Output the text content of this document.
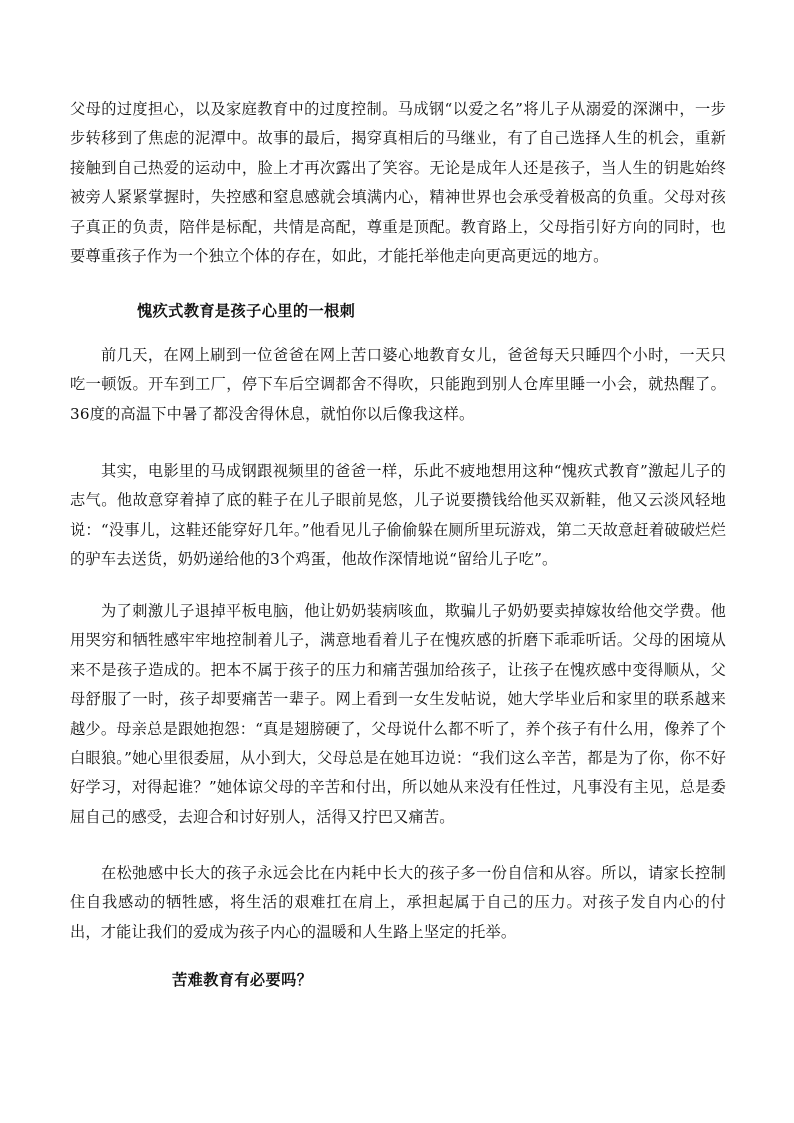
父母的过度担心，以及家庭教育中的过度控制。马成钢“以爱之名”将儿子从溺爱的深渊中，一步步转移到了焦虑的泥潭中。故事的最后，揭穿真相后的马继业，有了自己选择人生的机会，重新接触到自己热爱的运动中，脸上才再次露出了笑容。无论是成年人还是孩子，当人生的钥匙始终被旁人紧紧掌握时，失控感和窒息感就会填满内心，精神世界也会承受着极高的负重。父母对孩子真正的负责，陪伴是标配，共情是高配，尊重是顶配。教育路上，父母指引好方向的同时，也要尊重孩子作为一个独立个体的存在，如此，才能托举他走向更高更远的地方。

愧疚式教育是孩子心里的一根刺

前几天，在网上刷到一位爸爸在网上苦口婆心地教育女儿，爸爸每天只睡四个小时，一天只吃一顿饭。开车到工厂，停下车后空调都舍不得吹，只能跑到别人仓库里睡一小会，就热醒了。36度的高温下中暑了都没舍得休息，就怕你以后像我这样。

其实，电影里的马成钢跟视频里的爸爸一样，乐此不疲地想用这种“愧疚式教育”激起儿子的志气。他故意穿着掉了底的鞋子在儿子眼前晃悠，儿子说要攒钱给他买双新鞋，他又云淡风轻地说：“没事儿，这鞋还能穿好几年。”他看见儿子偷偷躲在厕所里玩游戏，第二天故意赶着破破烂烂的驴车去送货，奶奶递给他的3个鸡蛋，他故作深情地说“留给儿子吃”。

为了刺激儿子退掉平板电脑，他让奶奶装病咳血，欺骗儿子奶奶要卖掉嫁妆给他交学费。他用哭穷和牺牲感牢牢地控制着儿子，满意地看着儿子在愧疚感的折磨下乖乖听话。父母的困境从来不是孩子造成的。把本不属于孩子的压力和痛苦强加给孩子，让孩子在愧疚感中变得顺从，父母舒服了一时，孩子却要痛苦一辈子。网上看到一女生发帖说，她大学毕业后和家里的联系越来越少。母亲总是跟她抱怨：“真是翅膀硬了，父母说什么都不听了，养个孩子有什么用，像养了个白眼狼。”她心里很委屈，从小到大，父母总是在她耳边说：“我们这么辛苦，都是为了你，你不好好学习，对得起谁？”她体谅父母的辛苦和付出，所以她从来没有任性过，凡事没有主见，总是委屈自己的感受，去迎合和讨好别人，活得又拧巴又痛苦。

在松弛感中长大的孩子永远会比在内耗中长大的孩子多一份自信和从容。所以，请家长控制住自我感动的牺牲感，将生活的艰难扛在肩上，承担起属于自己的压力。对孩子发自内心的付出，才能让我们的爱成为孩子内心的温暖和人生路上坚定的托举。

苦难教育有必要吗？
